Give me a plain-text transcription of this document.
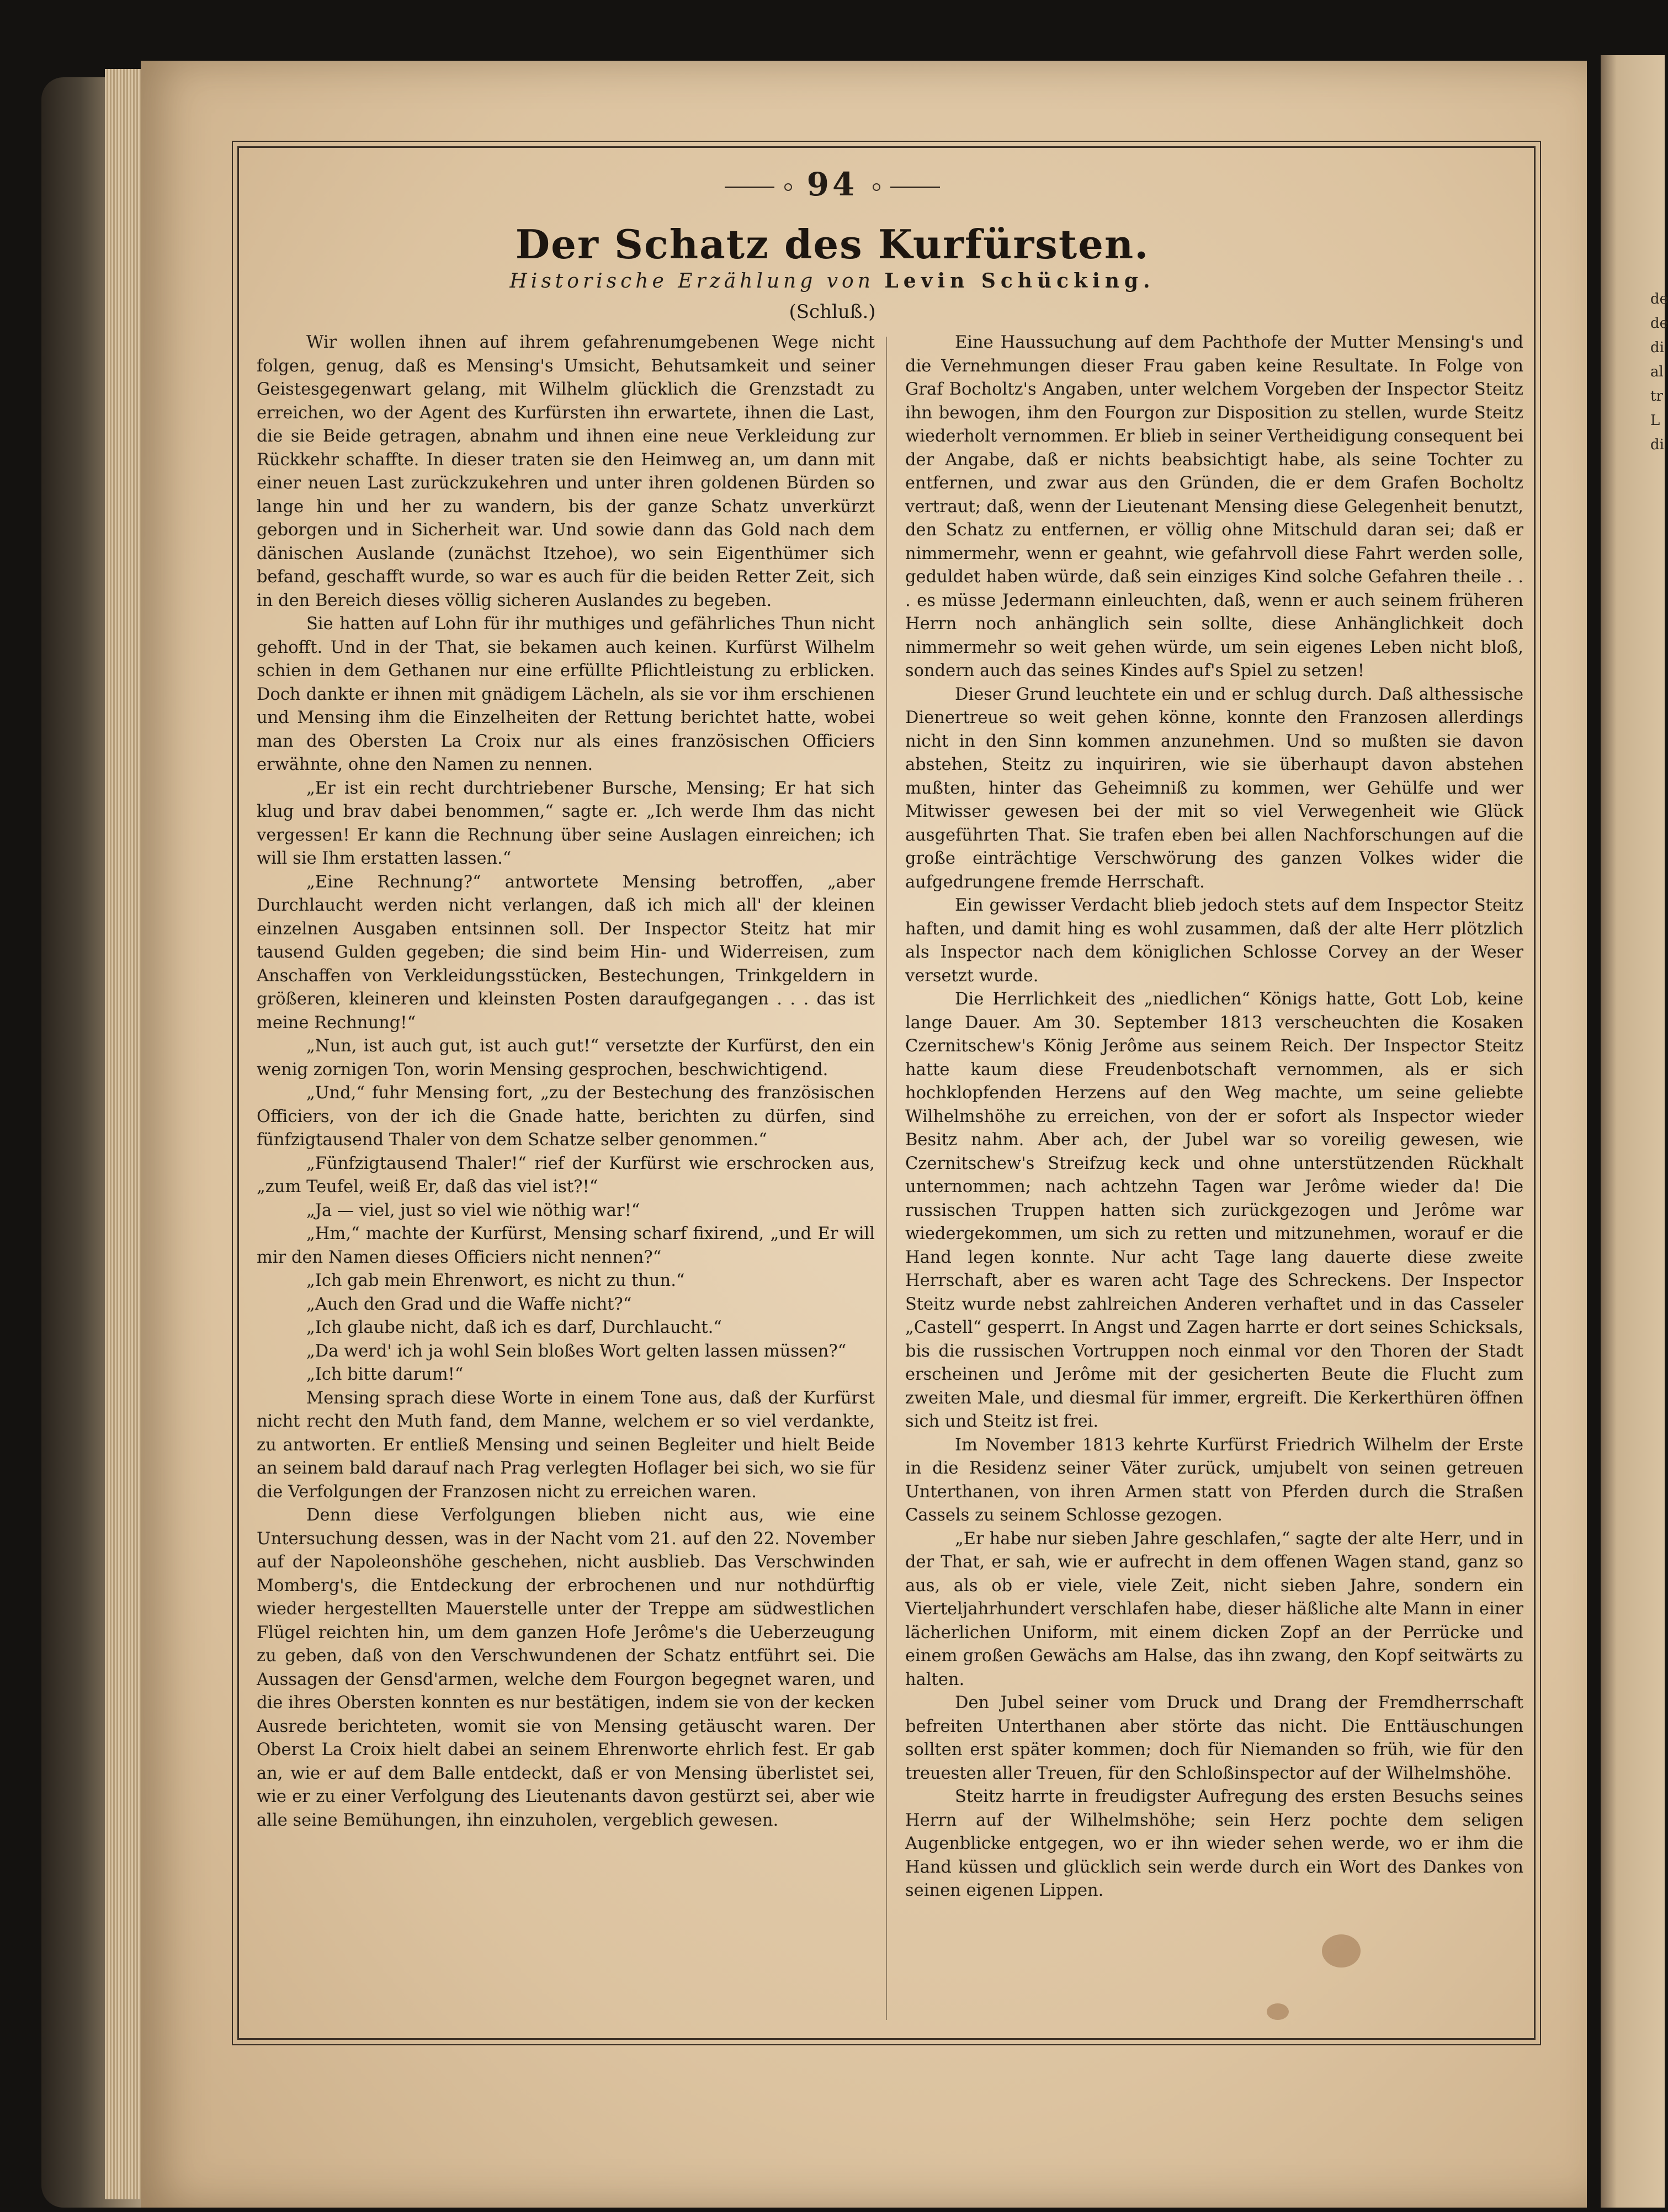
de de di al tr L di
94
Der Schatz des Kurfürsten.
Historische Erzählung von Levin Schücking.
(Schluß.)

Wir wollen ihnen auf ihrem gefahrenumgebenen Wege nicht folgen, genug, daß es Mensing's Umsicht, Behutsamkeit und seiner Geistesgegenwart gelang, mit Wilhelm glücklich die Grenzstadt zu erreichen, wo der Agent des Kurfürsten ihn erwartete, ihnen die Last, die sie Beide getragen, abnahm und ihnen eine neue Verkleidung zur Rückkehr schaffte. In dieser traten sie den Heimweg an, um dann mit einer neuen Last zurückzukehren und unter ihren goldenen Bürden so lange hin und her zu wandern, bis der ganze Schatz unverkürzt geborgen und in Sicherheit war. Und sowie dann das Gold nach dem dänischen Auslande (zunächst Itzehoe), wo sein Eigenthümer sich befand, geschafft wurde, so war es auch für die beiden Retter Zeit, sich in den Bereich dieses völlig sicheren Auslandes zu begeben.

Sie hatten auf Lohn für ihr muthiges und gefährliches Thun nicht gehofft. Und in der That, sie bekamen auch keinen. Kurfürst Wilhelm schien in dem Gethanen nur eine erfüllte Pflichtleistung zu erblicken. Doch dankte er ihnen mit gnädigem Lächeln, als sie vor ihm erschienen und Mensing ihm die Einzelheiten der Rettung berichtet hatte, wobei man des Obersten La Croix nur als eines französischen Officiers erwähnte, ohne den Namen zu nennen.

„Er ist ein recht durchtriebener Bursche, Mensing; Er hat sich klug und brav dabei benommen,“ sagte er. „Ich werde Ihm das nicht vergessen! Er kann die Rechnung über seine Auslagen einreichen; ich will sie Ihm erstatten lassen.“

„Eine Rechnung?“ antwortete Mensing betroffen, „aber Durchlaucht werden nicht verlangen, daß ich mich all' der kleinen einzelnen Ausgaben entsinnen soll. Der Inspector Steitz hat mir tausend Gulden gegeben; die sind beim Hin- und Widerreisen, zum Anschaffen von Verkleidungsstücken, Bestechungen, Trinkgeldern in größeren, kleineren und kleinsten Posten daraufgegangen . . . das ist meine Rechnung!“

„Nun, ist auch gut, ist auch gut!“ versetzte der Kurfürst, den ein wenig zornigen Ton, worin Mensing gesprochen, beschwichtigend.

„Und,“ fuhr Mensing fort, „zu der Bestechung des französischen Officiers, von der ich die Gnade hatte, berichten zu dürfen, sind fünfzigtausend Thaler von dem Schatze selber genommen.“

„Fünfzigtausend Thaler!“ rief der Kurfürst wie erschrocken aus, „zum Teufel, weiß Er, daß das viel ist?!“

„Ja — viel, just so viel wie nöthig war!“

„Hm,“ machte der Kurfürst, Mensing scharf fixirend, „und Er will mir den Namen dieses Officiers nicht nennen?“

„Ich gab mein Ehrenwort, es nicht zu thun.“

„Auch den Grad und die Waffe nicht?“

„Ich glaube nicht, daß ich es darf, Durchlaucht.“

„Da werd' ich ja wohl Sein bloßes Wort gelten lassen müssen?“

„Ich bitte darum!“

Mensing sprach diese Worte in einem Tone aus, daß der Kurfürst nicht recht den Muth fand, dem Manne, welchem er so viel verdankte, zu antworten. Er entließ Mensing und seinen Begleiter und hielt Beide an seinem bald darauf nach Prag verlegten Hoflager bei sich, wo sie für die Verfolgungen der Franzosen nicht zu erreichen waren.

Denn diese Verfolgungen blieben nicht aus, wie eine Untersuchung dessen, was in der Nacht vom 21. auf den 22. November auf der Napoleonshöhe geschehen, nicht ausblieb. Das Verschwinden Momberg's, die Entdeckung der erbrochenen und nur nothdürftig wieder hergestellten Mauerstelle unter der Treppe am südwestlichen Flügel reichten hin, um dem ganzen Hofe Jerôme's die Ueberzeugung zu geben, daß von den Verschwundenen der Schatz entführt sei. Die Aussagen der Gensd'armen, welche dem Fourgon begegnet waren, und die ihres Obersten konnten es nur bestätigen, indem sie von der kecken Ausrede berichteten, womit sie von Mensing getäuscht waren. Der Oberst La Croix hielt dabei an seinem Ehrenworte ehrlich fest. Er gab an, wie er auf dem Balle entdeckt, daß er von Mensing überlistet sei, wie er zu einer Verfolgung des Lieutenants davon gestürzt sei, aber wie alle seine Bemühungen, ihn einzuholen, vergeblich gewesen.

Eine Haussuchung auf dem Pachthofe der Mutter Mensing's und die Vernehmungen dieser Frau gaben keine Resultate. In Folge von Graf Bocholtz's Angaben, unter welchem Vorgeben der Inspector Steitz ihn bewogen, ihm den Fourgon zur Disposition zu stellen, wurde Steitz wiederholt vernommen. Er blieb in seiner Vertheidigung consequent bei der Angabe, daß er nichts beabsichtigt habe, als seine Tochter zu entfernen, und zwar aus den Gründen, die er dem Grafen Bocholtz vertraut; daß, wenn der Lieutenant Mensing diese Gelegenheit benutzt, den Schatz zu entfernen, er völlig ohne Mitschuld daran sei; daß er nimmermehr, wenn er geahnt, wie gefahrvoll diese Fahrt werden solle, geduldet haben würde, daß sein einziges Kind solche Gefahren theile . . . es müsse Jedermann einleuchten, daß, wenn er auch seinem früheren Herrn noch anhänglich sein sollte, diese Anhänglichkeit doch nimmermehr so weit gehen würde, um sein eigenes Leben nicht bloß, sondern auch das seines Kindes auf's Spiel zu setzen!

Dieser Grund leuchtete ein und er schlug durch. Daß althessische Dienertreue so weit gehen könne, konnte den Franzosen allerdings nicht in den Sinn kommen anzunehmen. Und so mußten sie davon abstehen, Steitz zu inquiriren, wie sie überhaupt davon abstehen mußten, hinter das Geheimniß zu kommen, wer Gehülfe und wer Mitwisser gewesen bei der mit so viel Verwegenheit wie Glück ausgeführten That. Sie trafen eben bei allen Nachforschungen auf die große einträchtige Verschwörung des ganzen Volkes wider die aufgedrungene fremde Herrschaft.

Ein gewisser Verdacht blieb jedoch stets auf dem Inspector Steitz haften, und damit hing es wohl zusammen, daß der alte Herr plötzlich als Inspector nach dem königlichen Schlosse Corvey an der Weser versetzt wurde.

Die Herrlichkeit des „niedlichen“ Königs hatte, Gott Lob, keine lange Dauer. Am 30. September 1813 verscheuchten die Kosaken Czernitschew's König Jerôme aus seinem Reich. Der Inspector Steitz hatte kaum diese Freudenbotschaft vernommen, als er sich hochklopfenden Herzens auf den Weg machte, um seine geliebte Wilhelmshöhe zu erreichen, von der er sofort als Inspector wieder Besitz nahm. Aber ach, der Jubel war so voreilig gewesen, wie Czernitschew's Streifzug keck und ohne unterstützenden Rückhalt unternommen; nach achtzehn Tagen war Jerôme wieder da! Die russischen Truppen hatten sich zurückgezogen und Jerôme war wiedergekommen, um sich zu retten und mitzunehmen, worauf er die Hand legen konnte. Nur acht Tage lang dauerte diese zweite Herrschaft, aber es waren acht Tage des Schreckens. Der Inspector Steitz wurde nebst zahlreichen Anderen verhaftet und in das Casseler „Castell“ gesperrt. In Angst und Zagen harrte er dort seines Schicksals, bis die russischen Vortruppen noch einmal vor den Thoren der Stadt erscheinen und Jerôme mit der gesicherten Beute die Flucht zum zweiten Male, und diesmal für immer, ergreift. Die Kerkerthüren öffnen sich und Steitz ist frei.

Im November 1813 kehrte Kurfürst Friedrich Wilhelm der Erste in die Residenz seiner Väter zurück, umjubelt von seinen getreuen Unterthanen, von ihren Armen statt von Pferden durch die Straßen Cassels zu seinem Schlosse gezogen.

„Er habe nur sieben Jahre geschlafen,“ sagte der alte Herr, und in der That, er sah, wie er aufrecht in dem offenen Wagen stand, ganz so aus, als ob er viele, viele Zeit, nicht sieben Jahre, sondern ein Vierteljahrhundert verschlafen habe, dieser häßliche alte Mann in einer lächerlichen Uniform, mit einem dicken Zopf an der Perrücke und einem großen Gewächs am Halse, das ihn zwang, den Kopf seitwärts zu halten.

Den Jubel seiner vom Druck und Drang der Fremdherrschaft befreiten Unterthanen aber störte das nicht. Die Enttäuschungen sollten erst später kommen; doch für Niemanden so früh, wie für den treuesten aller Treuen, für den Schloßinspector auf der Wilhelmshöhe.

Steitz harrte in freudigster Aufregung des ersten Besuchs seines Herrn auf der Wilhelmshöhe; sein Herz pochte dem seligen Augenblicke entgegen, wo er ihn wieder sehen werde, wo er ihm die Hand küssen und glücklich sein werde durch ein Wort des Dankes von seinen eigenen Lippen.
